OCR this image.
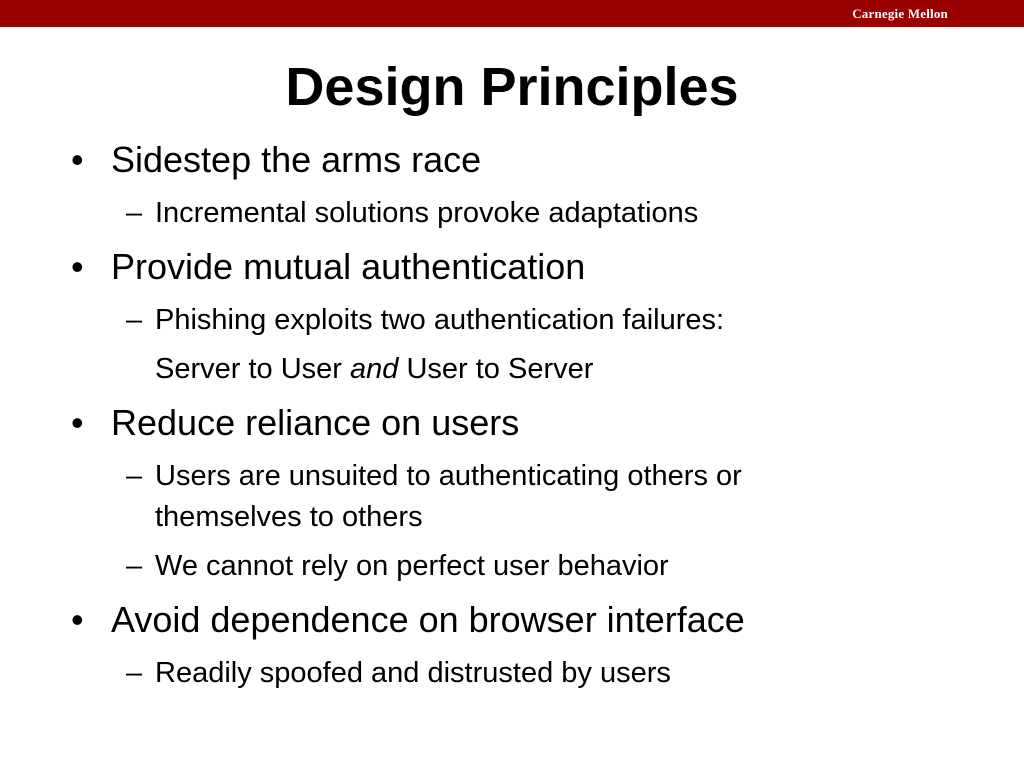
Carnegie Mellon
Design Principles
• Sidestep the arms race
– Incremental solutions provoke adaptations
• Provide mutual authentication
– Phishing exploits two authentication failures:
Server to User and User to Server
• Reduce reliance on users
– Users are unsuited to authenticating others or
themselves to others
– We cannot rely on perfect user behavior
• Avoid dependence on browser interface
– Readily spoofed and distrusted by users
